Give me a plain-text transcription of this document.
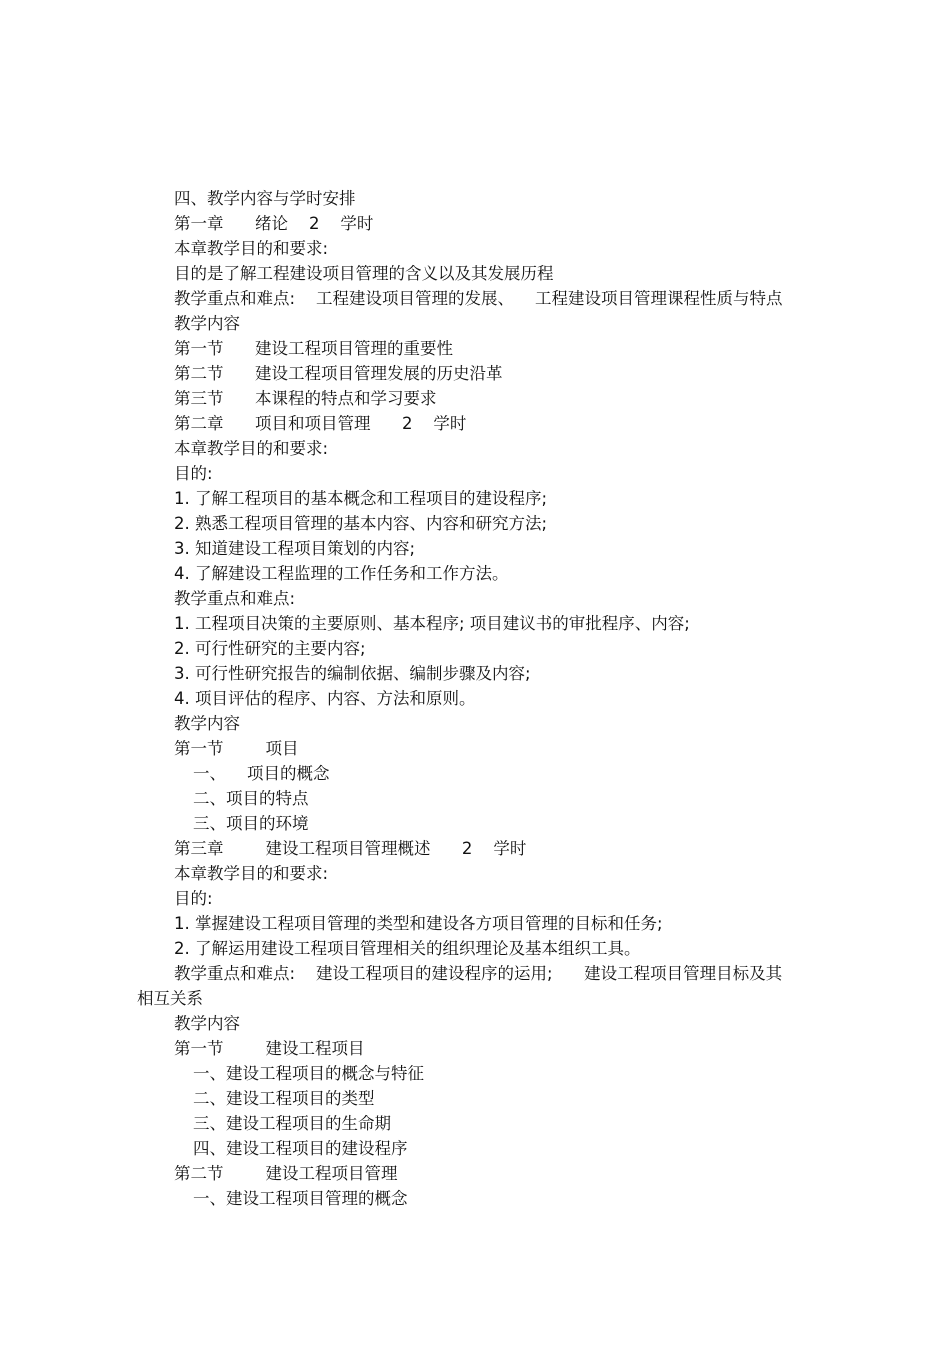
四、教学内容与学时安排
第一章      绪论    2    学时
本章教学目的和要求:
目的是了解工程建设项目管理的含义以及其发展历程
教学重点和难点:    工程建设项目管理的发展、    工程建设项目管理课程性质与特点
教学内容
第一节      建设工程项目管理的重要性
第二节      建设工程项目管理发展的历史沿革
第三节      本课程的特点和学习要求
第二章      项目和项目管理      2    学时
本章教学目的和要求:
目的:
1. 了解工程项目的基本概念和工程项目的建设程序;
2. 熟悉工程项目管理的基本内容、内容和研究方法;
3. 知道建设工程项目策划的内容;
4. 了解建设工程监理的工作任务和工作方法。
教学重点和难点:
1. 工程项目决策的主要原则、基本程序; 项目建议书的审批程序、内容;
2. 可行性研究的主要内容;
3. 可行性研究报告的编制依据、编制步骤及内容;
4. 项目评估的程序、内容、方法和原则。
教学内容
第一节        项目
一、    项目的概念
二、项目的特点
三、项目的环境
第三章        建设工程项目管理概述      2    学时
本章教学目的和要求:
目的:
1. 掌握建设工程项目管理的类型和建设各方项目管理的目标和任务;
2. 了解运用建设工程项目管理相关的组织理论及基本组织工具。
教学重点和难点:    建设工程项目的建设程序的运用;      建设工程项目管理目标及其
相互关系
教学内容
第一节        建设工程项目
一、建设工程项目的概念与特征
二、建设工程项目的类型
三、建设工程项目的生命期
四、建设工程项目的建设程序
第二节        建设工程项目管理
一、建设工程项目管理的概念
